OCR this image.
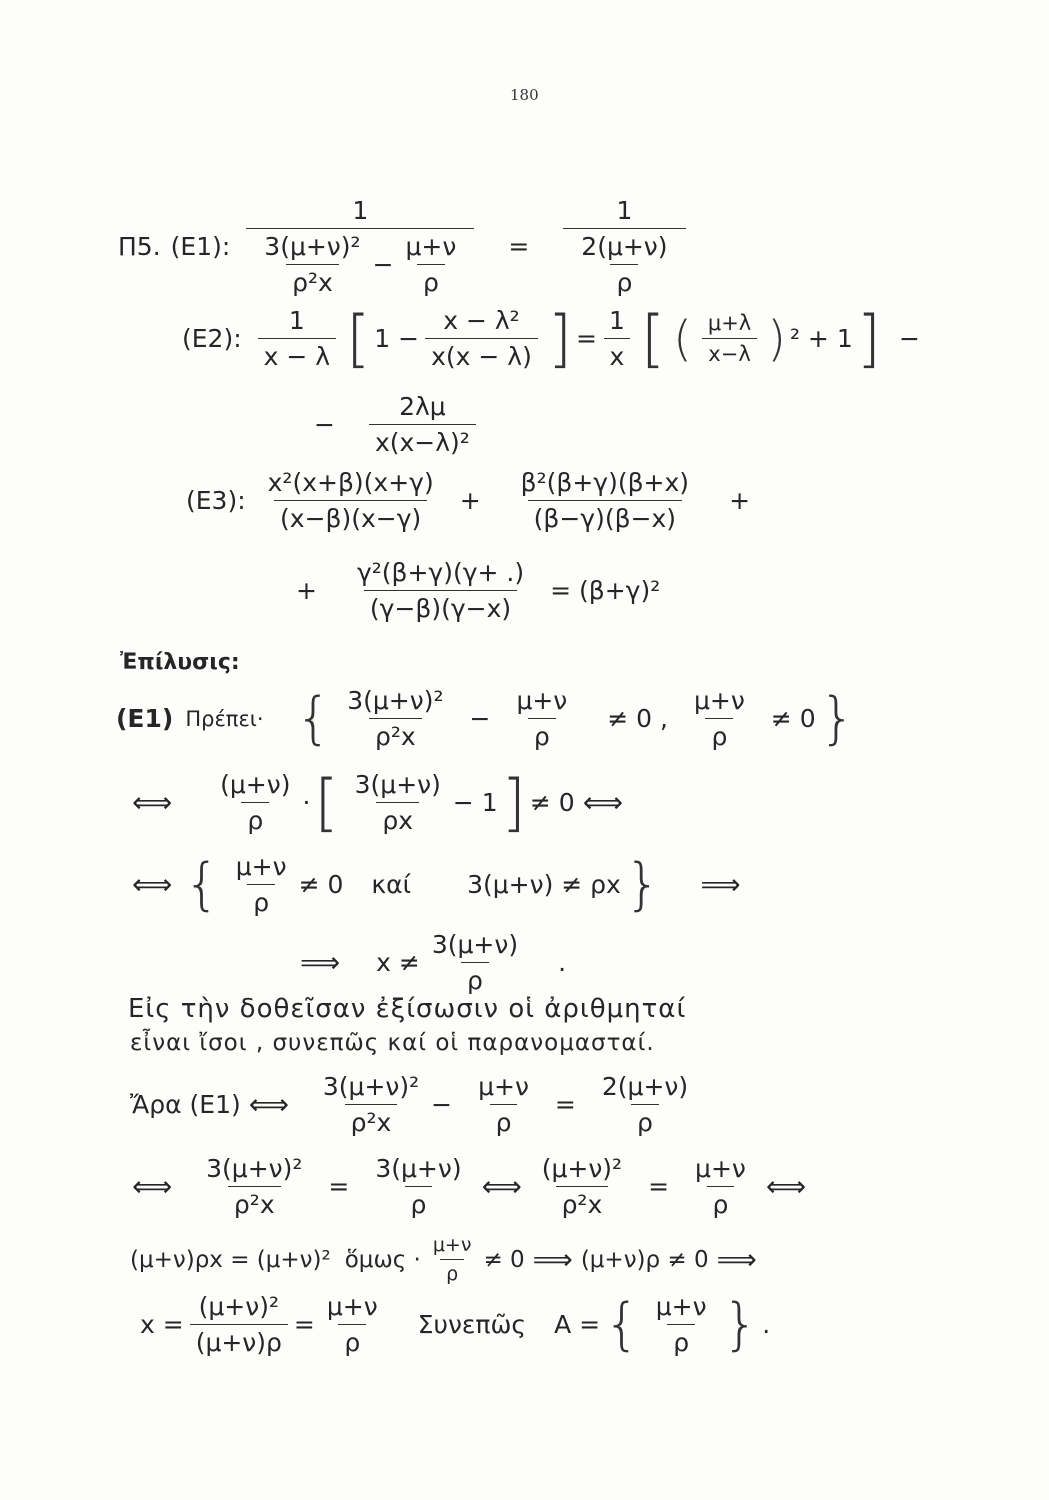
180
Π5. (E1):
1
$\frac{\text{3(μ+ν)²}}{\text{ρ²x}} - \frac{\mu+\nu}{\rho} = \frac{1}{\frac{2(\mu+\nu)}{\rho}}$
(E2): $\frac{1}{x - \lambda}$ [ $1 - \frac{\text{x − λ²}}{x(x - \lambda)}$ ] = $\frac{1}{x}$ [ ( $\frac{\mu+\lambda}{x-\lambda}$ ) ² + 1 ] −
− $\frac{2\lambda\mu}{\text{x(x−λ)²}}$
(E3): $\frac{\text{x²(x+β)(x+γ)}}{(x-\beta)(x-\gamma)} + \frac{\text{β²(β+γ)(β+x)}}{(\beta-\gamma)(\beta-x)}$ +
+ $\frac{\text{γ²(β+γ)(γ+ .)}}{(\gamma-\beta)(\gamma-x)} = (\beta+\gamma)^2$
Ἐπίλυσις:
(E1) Πρέπει· { $\frac{\text{3(μ+ν)²}}{\text{ρ²x}} - \frac{\mu+\nu}{\rho} \ne 0$ , $\frac{\mu+\nu}{\rho} \ne 0$ }
⟺ $\frac{(\mu+\nu)}{\rho}$ · [ $\frac{3(\mu+\nu)}{\rho x} - 1$ ] ≠ 0 ⟺
⟺ { $\frac{\mu+\nu}{\rho} \ne 0$ καί 3(μ+ν) ≠ ρx } ⟹
⟹ $x \ne \frac{3(\mu+\nu)}{\rho}$ .
Εἰς τὴν δοθεῖσαν ἐξίσωσιν οἱ ἀριθμηταί
εἶναι ἴσοι , συνεπῶς καί οἱ παρανομασταί.
Ἄρα (E1) ⟺ $\frac{\text{3(μ+ν)²}}{\text{ρ²x}} - \frac{\mu+\nu}{\rho} = \frac{2(\mu+\nu)}{\rho}$
⟺ $\frac{\text{3(μ+ν)²}}{\text{ρ²x}} = \frac{3(\mu+\nu)}{\rho}$ ⟺ $\frac{\text{(μ+ν)²}}{\text{ρ²x}} = \frac{\mu+\nu}{\rho}$ ⟺
(μ+ν)ρx = (μ+ν)² ὅμως · $\frac{\mu+\nu}{\rho} \ne 0$ ⟹ (μ+ν)ρ ≠ 0 ⟹
$x = \frac{\text{(μ+ν)²}}{(\mu+\nu)\rho} = \frac{\mu+\nu}{\rho}$ Συνεπῶς A = { $\frac{\mu+\nu}{\rho}$ } .
